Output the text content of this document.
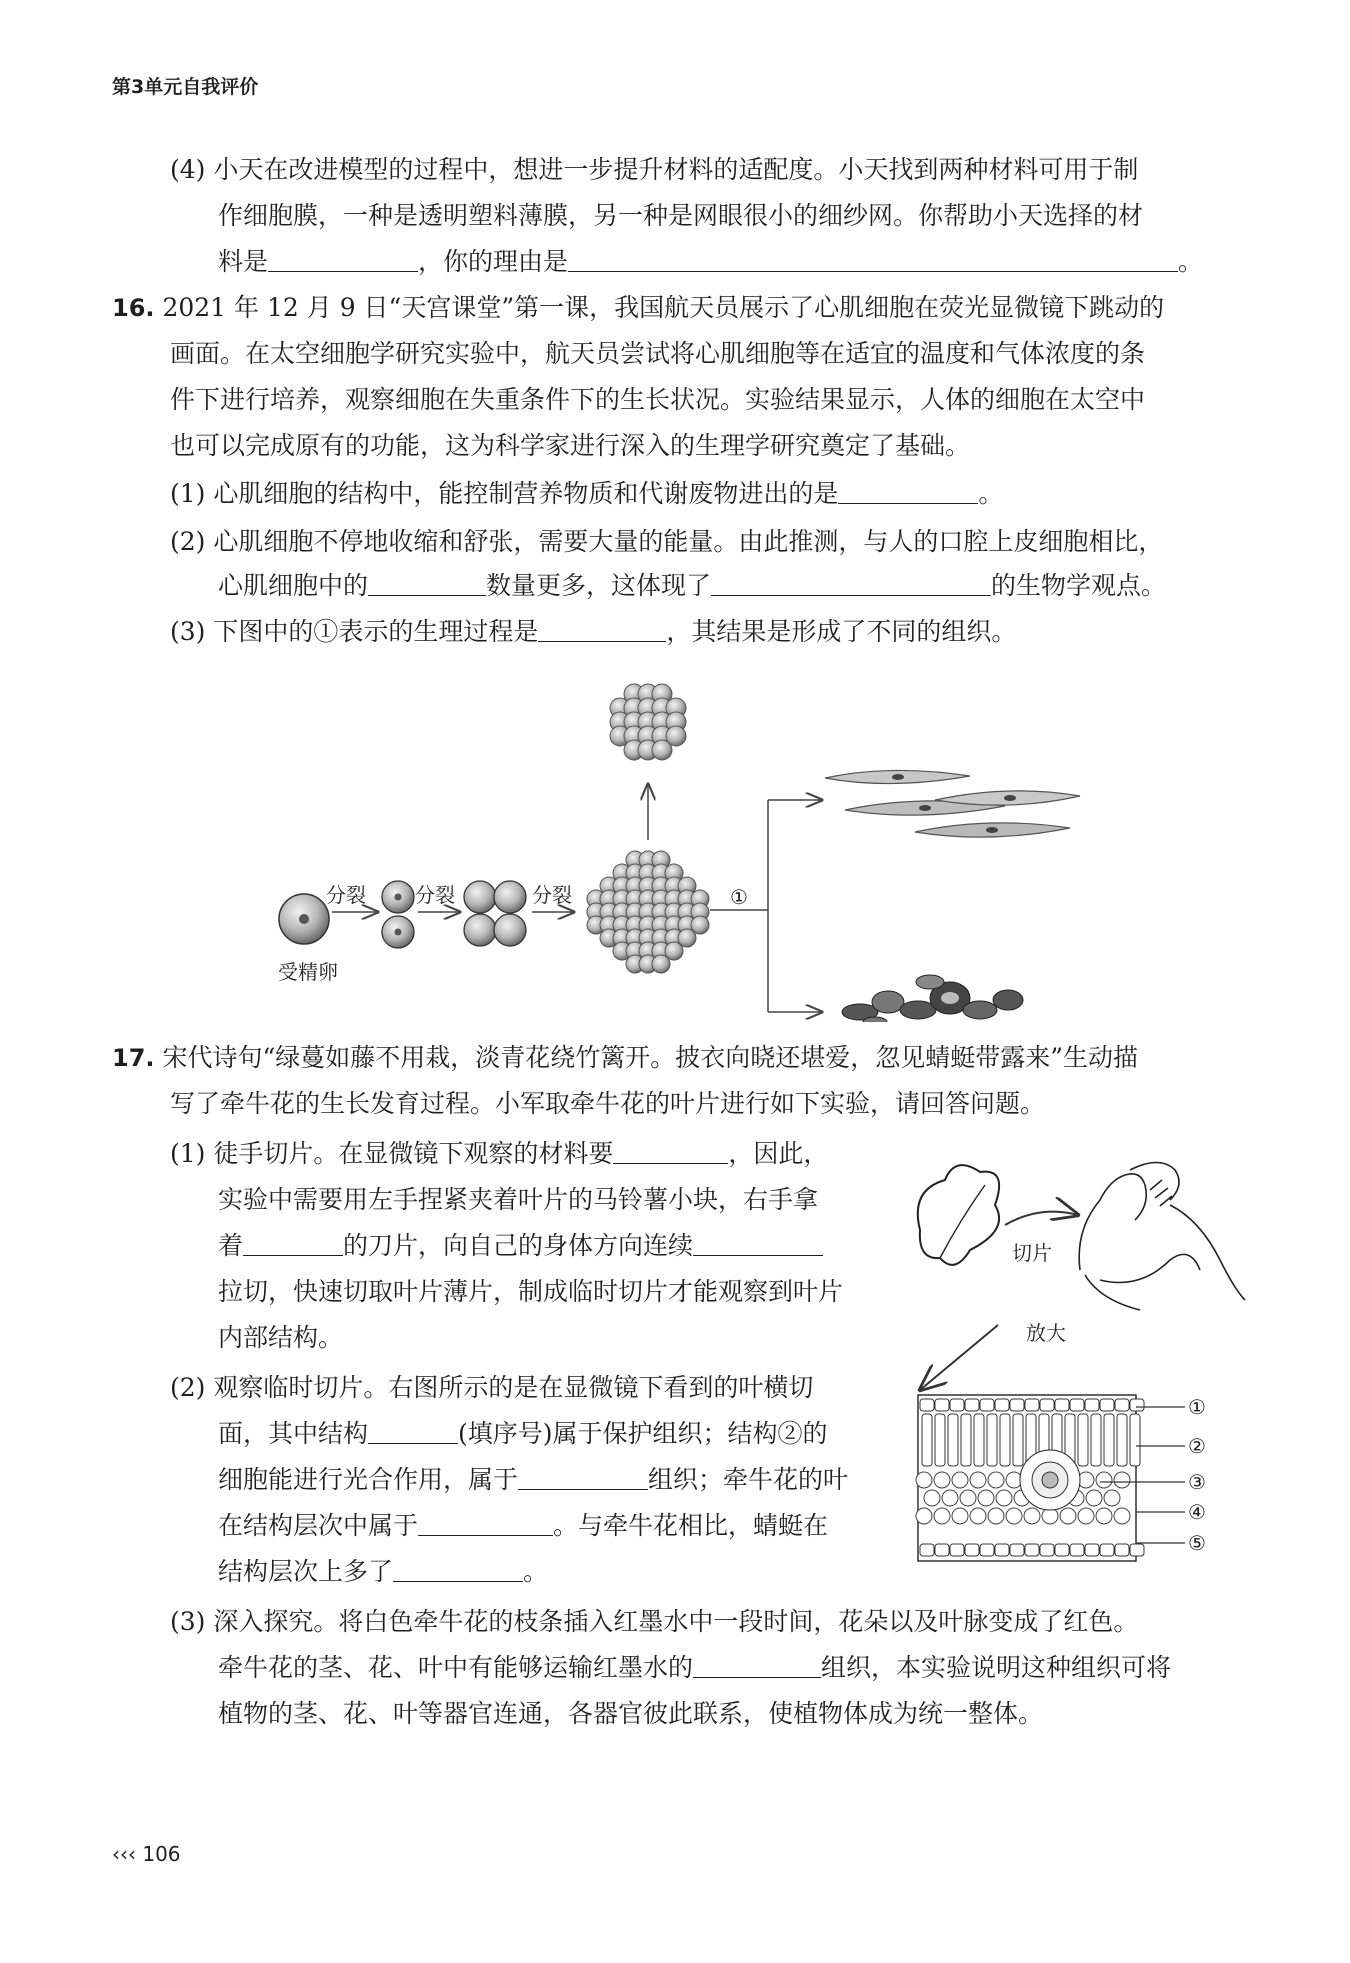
第3单元自我评价
(4) 小天在改进模型的过程中，想进一步提升材料的适配度。小天找到两种材料可用于制
作细胞膜，一种是透明塑料薄膜，另一种是网眼很小的细纱网。你帮助小天选择的材
料是	，你的理由是	。
16. 2021 年 12 月 9 日“天宫课堂”第一课，我国航天员展示了心肌细胞在荧光显微镜下跳动的
画面。在太空细胞学研究实验中，航天员尝试将心肌细胞等在适宜的温度和气体浓度的条
件下进行培养，观察细胞在失重条件下的生长状况。实验结果显示，人体的细胞在太空中
也可以完成原有的功能，这为科学家进行深入的生理学研究奠定了基础。
(1) 心肌细胞的结构中，能控制营养物质和代谢废物进出的是	。
(2) 心肌细胞不停地收缩和舒张，需要大量的能量。由此推测，与人的口腔上皮细胞相比，
心肌细胞中的	数量更多，这体现了	的生物学观点。
(3) 下图中的①表示的生理过程是	，其结果是形成了不同的组织。
受精卵
分裂 分裂	分裂	①
17. 宋代诗句“绿蔓如藤不用栽，淡青花绕竹篱开。披衣向晓还堪爱，忽见蜻蜓带露来”生动描
写了牵牛花的生长发育过程。小军取牵牛花的叶片进行如下实验，请回答问题。
(1) 徒手切片。在显微镜下观察的材料要	，因此，
实验中需要用左手捏紧夹着叶片的马铃薯小块，右手拿
着	的刀片，向自己的身体方向连续
拉切，快速切取叶片薄片，制成临时切片才能观察到叶片
内部结构。
(2) 观察临时切片。右图所示的是在显微镜下看到的叶横切
面，其中结构	(填序号)属于保护组织；结构②的
细胞能进行光合作用，属于	组织；牵牛花的叶
在结构层次中属于	。与牵牛花相比，蜻蜓在
结构层次上多了	。
(3) 深入探究。将白色牵牛花的枝条插入红墨水中一段时间，花朵以及叶脉变成了红色。
牵牛花的茎、花、叶中有能够运输红墨水的	组织，本实验说明这种组织可将
植物的茎、花、叶等器官连通，各器官彼此联系，使植物体成为统一整体。
切片
放大
①
②
③
④
⑤
‹‹‹ 106
